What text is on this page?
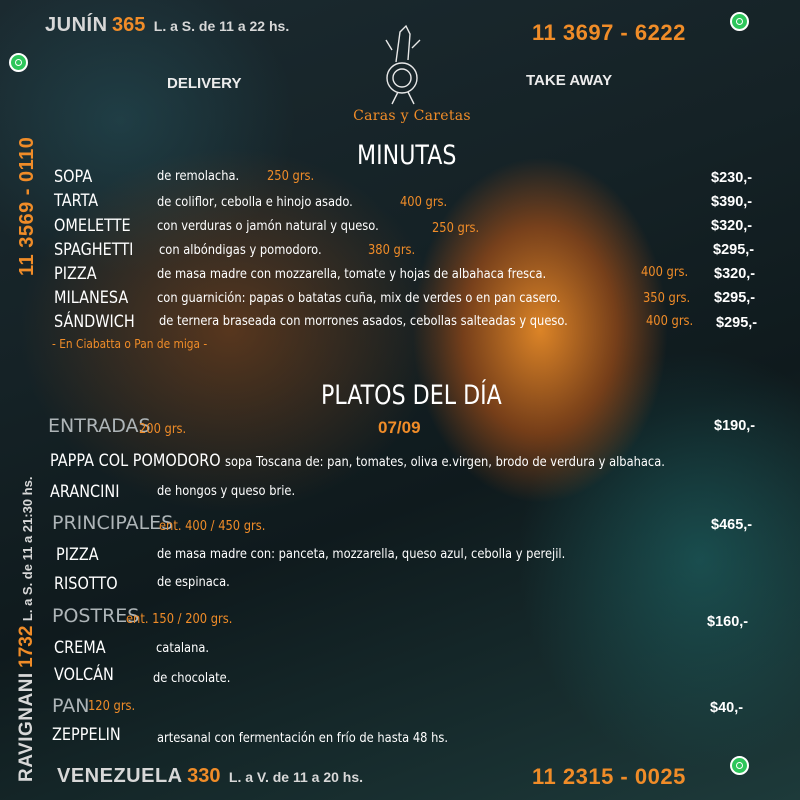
JUNÍN 365 L. a S. de 11 a 22 hs.	11 3697 - 6222
DELIVERY	TAKE AWAY
Caras y Caretas
11 3569 - 0110
RAVIGNANI 1732 L. a S. de 11 a 21:30 hs.
MINUTAS
SOPA	de remolacha. 250 grs.	$230,-
TARTA	de coliflor, cebolla e hinojo asado.	400 grs.	$390,-
OMELETTE con verduras o jamón natural y queso.	250 grs.	$320,-
SPAGHETTI con albóndigas y pomodoro.	380 grs.	$295,-
PIZZA	de masa madre con mozzarella, tomate y hojas de albahaca fresca.	400 grs. $320,-
MILANESA con guarnición: papas o batatas cuña, mix de verdes o en pan casero.	350 grs. $295,-
SÁNDWICH de ternera braseada con morrones asados, cebollas salteadas y queso.	400 grs. $295,-
- En Ciabatta o Pan de miga -
PLATOS DEL DÍA
07/09
ENTRADAS
200 grs.	$190,-
PAPPA COL POMODORO sopa Toscana de: pan, tomates, oliva e.virgen, brodo de verdura y albahaca.
ARANCINI	de hongos y queso brie.
PRINCIPALES
ent. 400 / 450 grs.	$465,-
PIZZA	de masa madre con: panceta, mozzarella, queso azul, cebolla y perejil.
RISOTTO	de espinaca.
POSTRES
ent. 150 / 200 grs.	$160,-
CREMA	catalana.
VOLCÁN	de chocolate.
PAN
120 grs.	$40,-
ZEPPELIN	artesanal con fermentación en frío de hasta 48 hs.
VENEZUELA 330 L. a V. de 11 a 20 hs.	11 2315 - 0025
